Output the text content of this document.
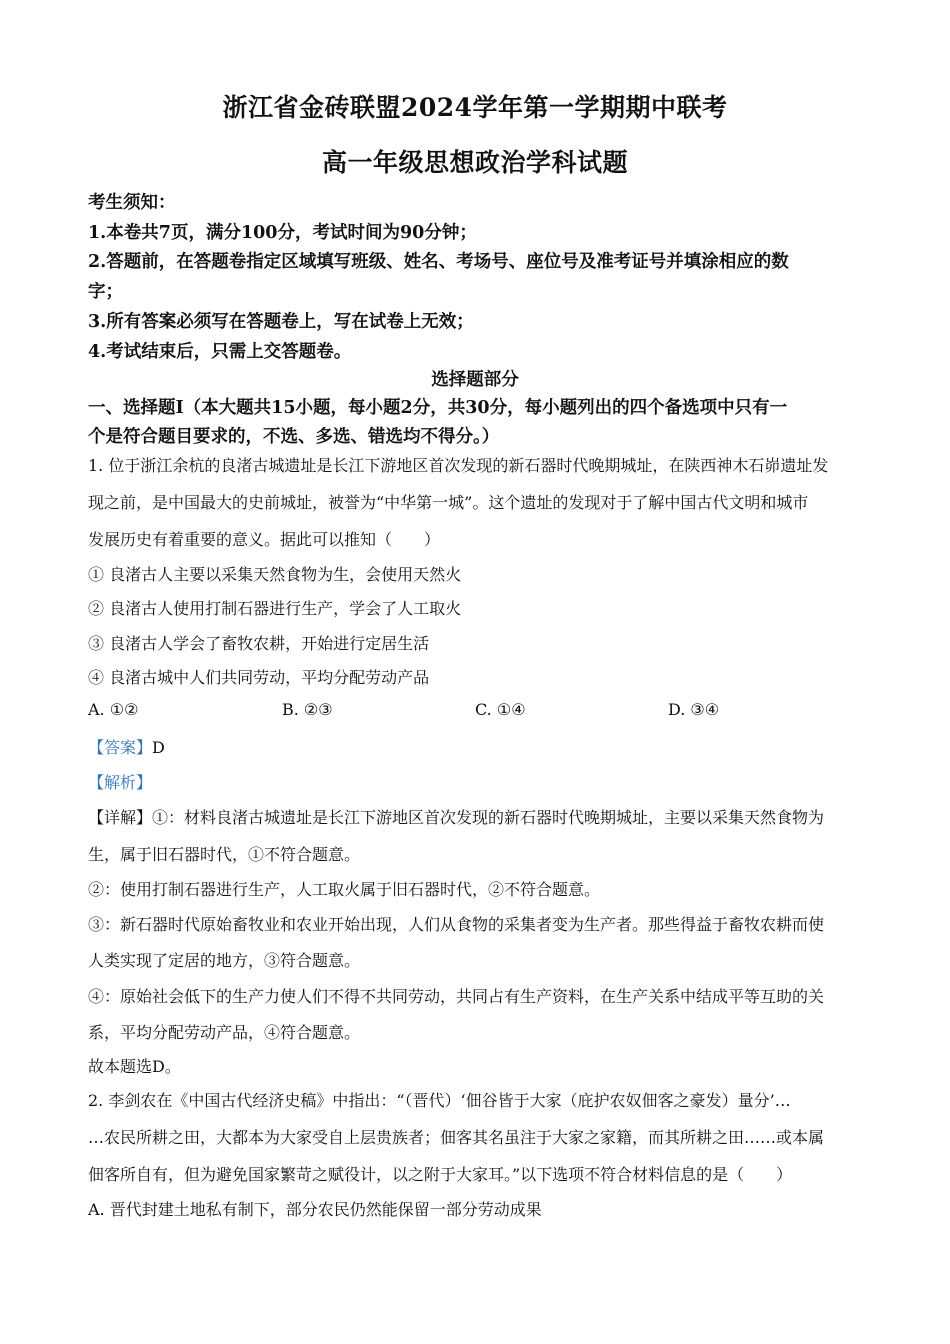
浙江省金砖联盟2024学年第一学期期中联考
高一年级思想政治学科试题
考生须知：
1.本卷共7页，满分100分，考试时间为90分钟；
2.答题前，在答题卷指定区域填写班级、姓名、考场号、座位号及准考证号并填涂相应的数
字；
3.所有答案必须写在答题卷上，写在试卷上无效；
4.考试结束后，只需上交答题卷。
选择题部分
一、选择题Ⅰ（本大题共15小题，每小题2分，共30分，每小题列出的四个备选项中只有一
个是符合题目要求的，不选、多选、错选均不得分。）
1. 位于浙江余杭的良渚古城遗址是长江下游地区首次发现的新石器时代晚期城址，在陕西神木石峁遗址发
现之前，是中国最大的史前城址，被誉为“中华第一城”。这个遗址的发现对于了解中国古代文明和城市
发展历史有着重要的意义。据此可以推知（　　）
① 良渚古人主要以采集天然食物为生，会使用天然火
② 良渚古人使用打制石器进行生产，学会了人工取火
③ 良渚古人学会了畜牧农耕，开始进行定居生活
④ 良渚古城中人们共同劳动，平均分配劳动产品
A. ①②	B. ②③	C. ①④	D. ③④
【答案】D
【解析】
【详解】①：材料良渚古城遗址是长江下游地区首次发现的新石器时代晚期城址，主要以采集天然食物为
生，属于旧石器时代，①不符合题意。
②：使用打制石器进行生产，人工取火属于旧石器时代，②不符合题意。
③：新石器时代原始畜牧业和农业开始出现，人们从食物的采集者变为生产者。那些得益于畜牧农耕而使
人类实现了定居的地方，③符合题意。
④：原始社会低下的生产力使人们不得不共同劳动，共同占有生产资料，在生产关系中结成平等互助的关
系，平均分配劳动产品，④符合题意。
故本题选D。
2. 李剑农在《中国古代经济史稿》中指出：“（晋代）‘佃谷皆于大家（庇护农奴佃客之豪发）量分’…
…农民所耕之田，大都本为大家受自上层贵族者；佃客其名虽注于大家之家籍，而其所耕之田……或本属
佃客所自有，但为避免国家繁苛之赋役计，以之附于大家耳。”以下选项不符合材料信息的是（　　）
A. 晋代封建土地私有制下，部分农民仍然能保留一部分劳动成果
